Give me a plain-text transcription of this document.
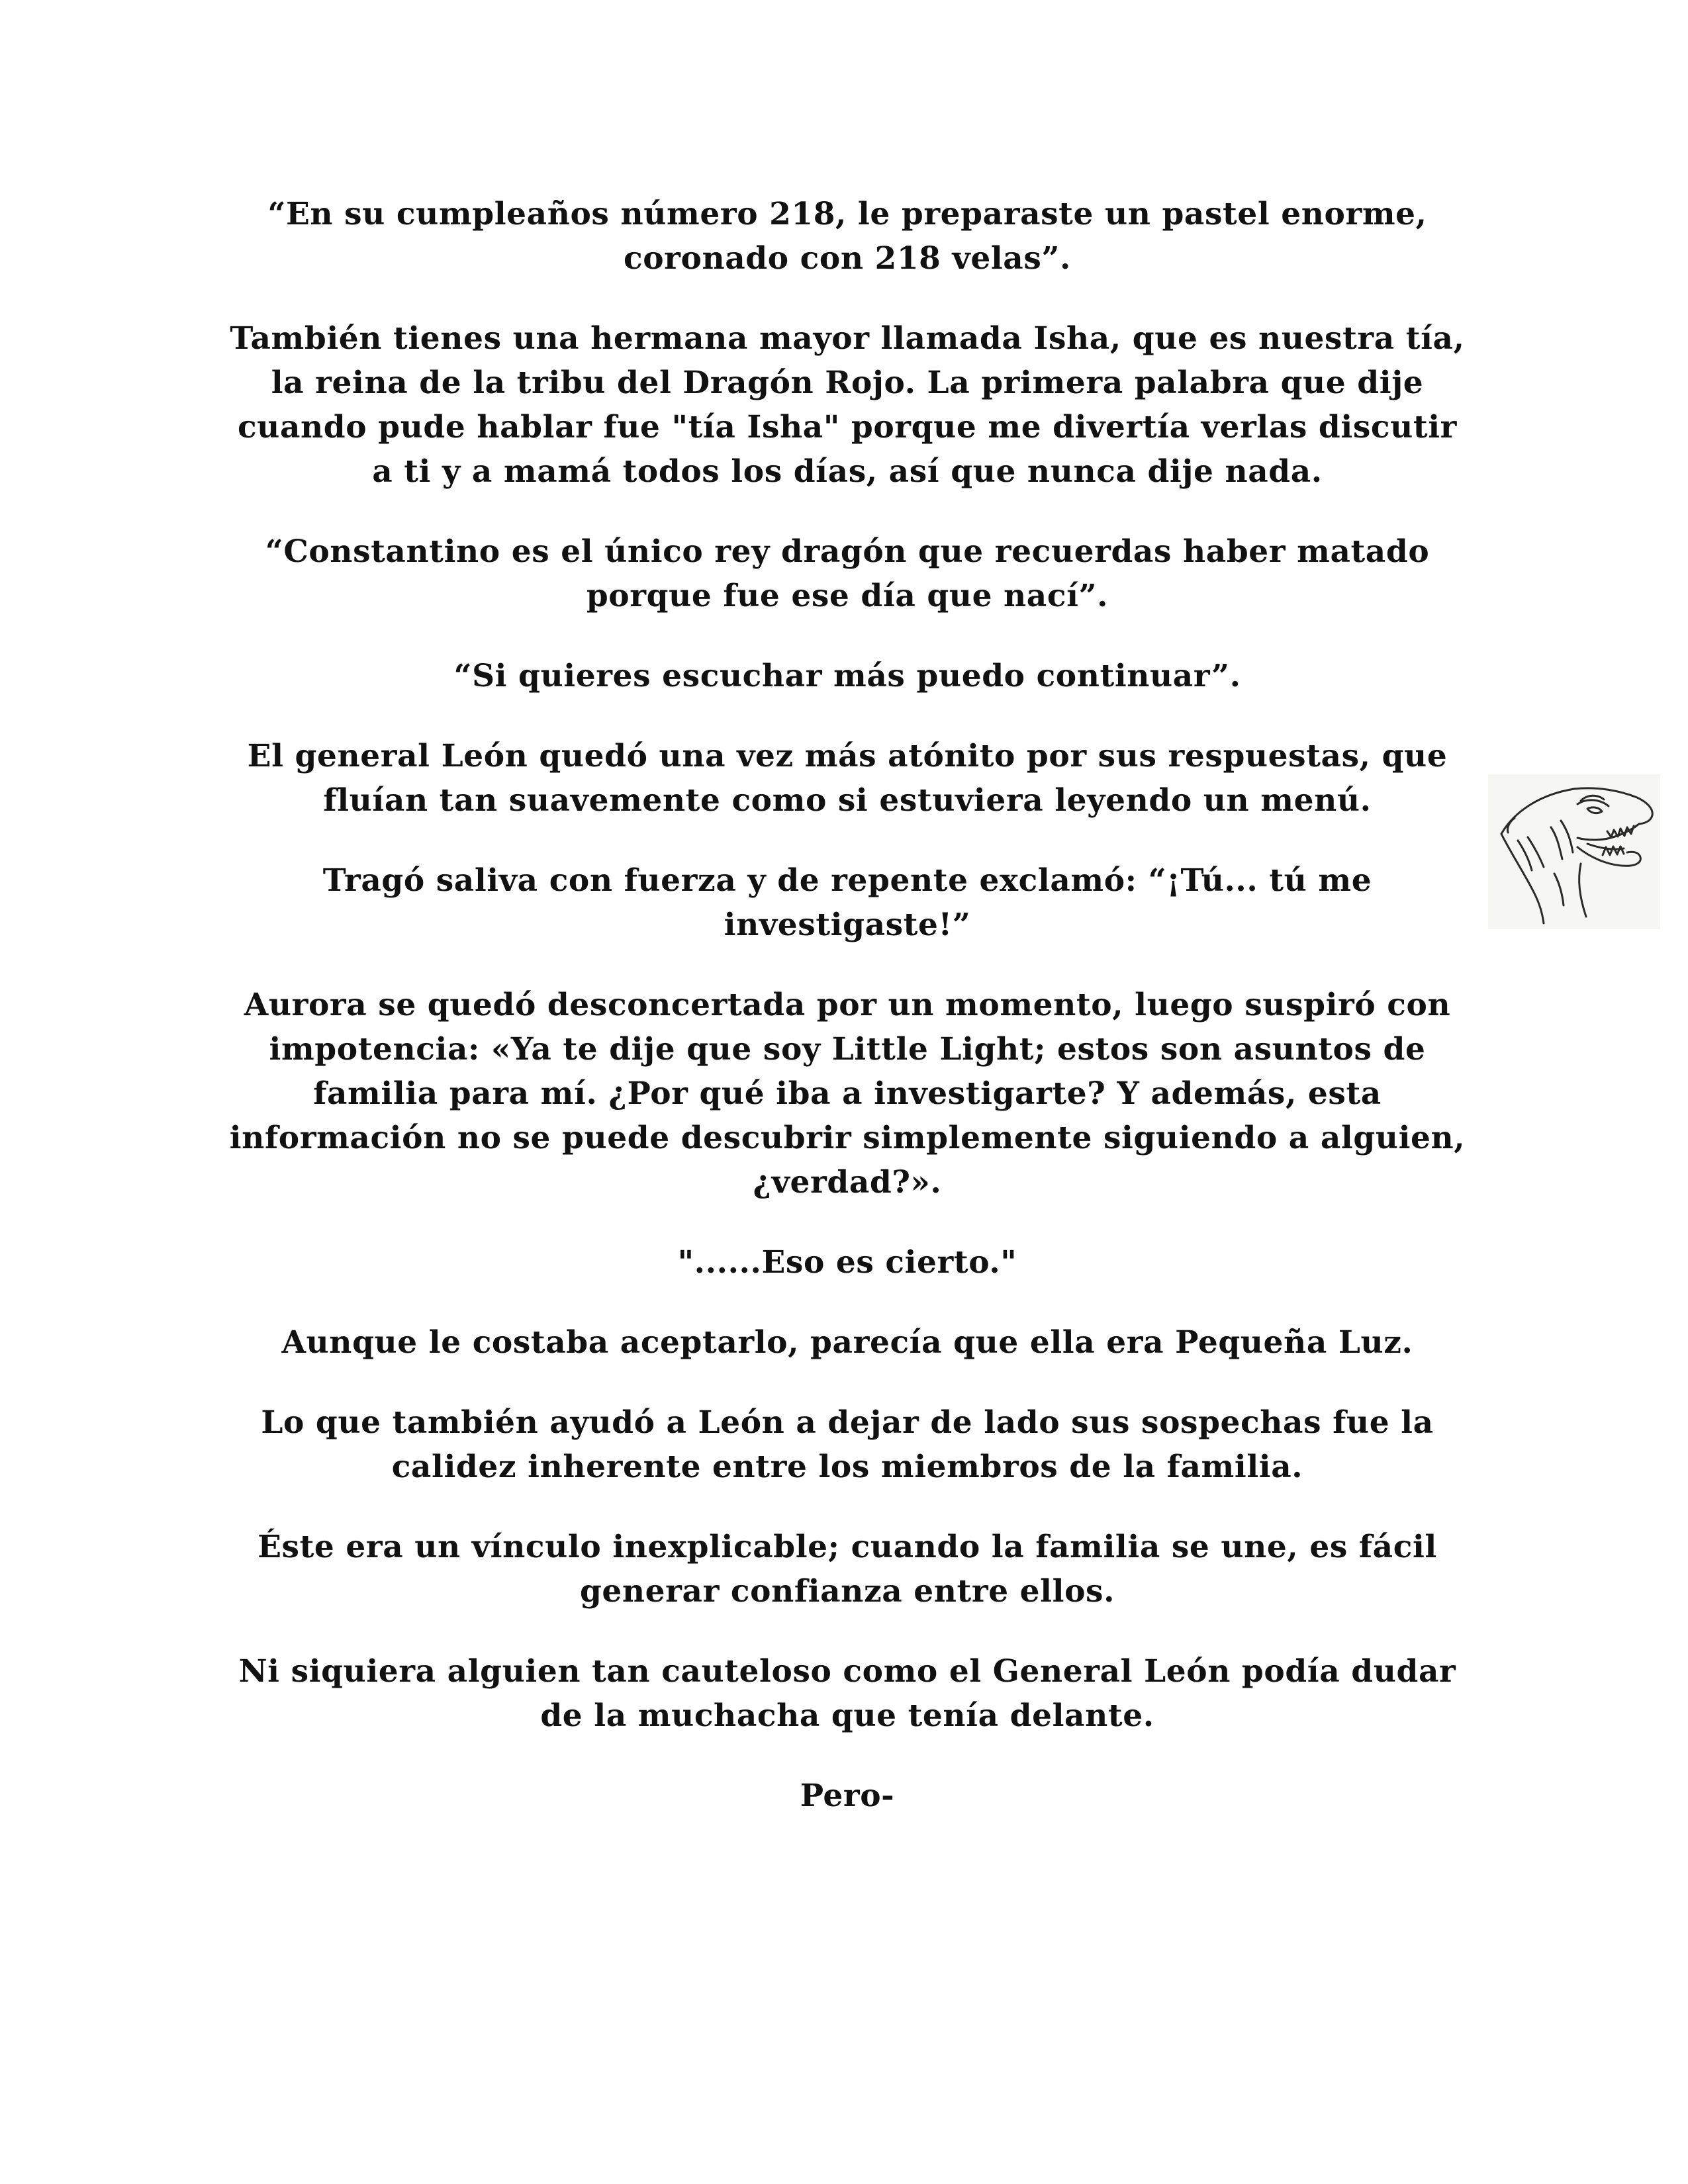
“En su cumpleaños número 218, le preparaste un pastel enorme, coronado con 218 velas”.

También tienes una hermana mayor llamada Isha, que es nuestra tía, la reina de la tribu del Dragón Rojo. La primera palabra que dije cuando pude hablar fue "tía Isha" porque me divertía verlas discutir a ti y a mamá todos los días, así que nunca dije nada.

“Constantino es el único rey dragón que recuerdas haber matado porque fue ese día que nací”.

“Si quieres escuchar más puedo continuar”.

El general León quedó una vez más atónito por sus respuestas, que fluían tan suavemente como si estuviera leyendo un menú.

Tragó saliva con fuerza y de repente exclamó: “¡Tú... tú me investigaste!”

Aurora se quedó desconcertada por un momento, luego suspiró con impotencia: «Ya te dije que soy Little Light; estos son asuntos de familia para mí. ¿Por qué iba a investigarte? Y además, esta información no se puede descubrir simplemente siguiendo a alguien, ¿verdad?».

"......Eso es cierto."

Aunque le costaba aceptarlo, parecía que ella era Pequeña Luz.

Lo que también ayudó a León a dejar de lado sus sospechas fue la calidez inherente entre los miembros de la familia.

Éste era un vínculo inexplicable; cuando la familia se une, es fácil generar confianza entre ellos.

Ni siquiera alguien tan cauteloso como el General León podía dudar de la muchacha que tenía delante.

Pero-
